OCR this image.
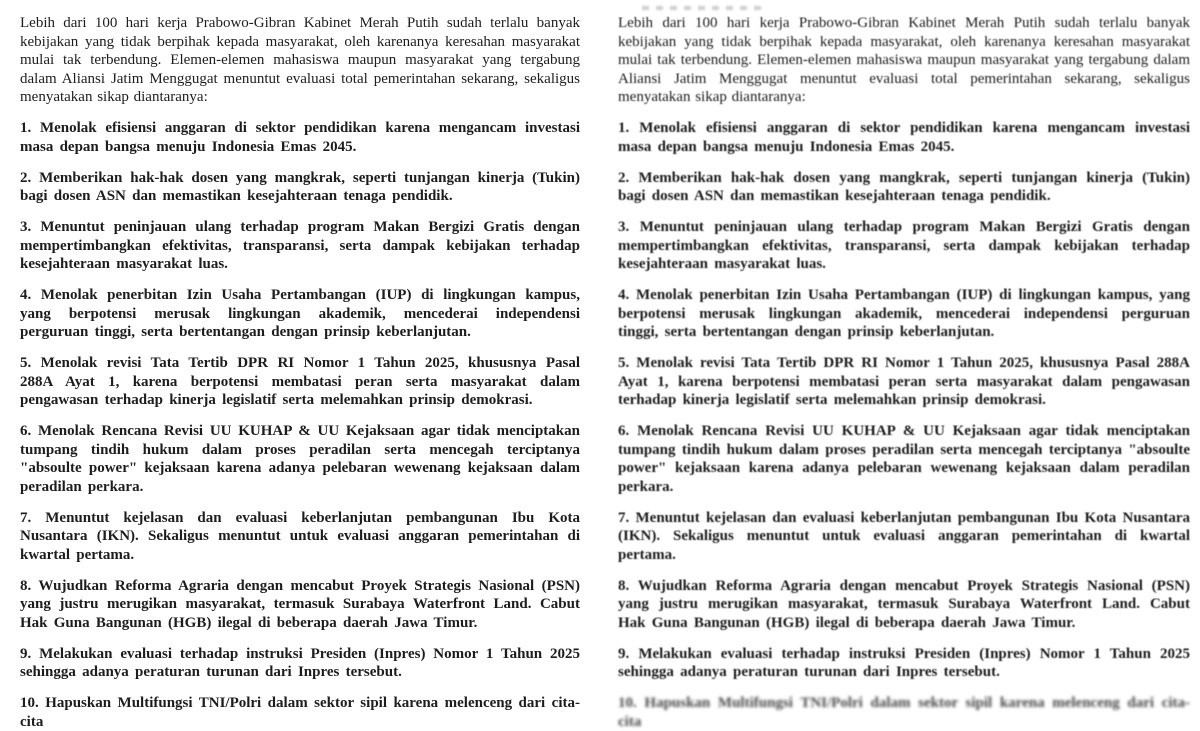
Lebih dari 100 hari kerja Prabowo-Gibran Kabinet Merah Putih sudah terlalu banyak kebijakan yang tidak berpihak kepada masyarakat, oleh karenanya keresahan masyarakat mulai tak terbendung. Elemen-elemen mahasiswa maupun masyarakat yang tergabung dalam Aliansi Jatim Menggugat menuntut evaluasi total pemerintahan sekarang, sekaligus menyatakan sikap diantaranya:

1. Menolak efisiensi anggaran di sektor pendidikan karena mengancam investasi masa depan bangsa menuju Indonesia Emas 2045.

2. Memberikan hak-hak dosen yang mangkrak, seperti tunjangan kinerja (Tukin) bagi dosen ASN dan memastikan kesejahteraan tenaga pendidik.

3. Menuntut peninjauan ulang terhadap program Makan Bergizi Gratis dengan mempertimbangkan efektivitas, transparansi, serta dampak kebijakan terhadap kesejahteraan masyarakat luas.

4. Menolak penerbitan Izin Usaha Pertambangan (IUP) di lingkungan kampus, yang berpotensi merusak lingkungan akademik, mencederai independensi perguruan tinggi, serta bertentangan dengan prinsip keberlanjutan.

5. Menolak revisi Tata Tertib DPR RI Nomor 1 Tahun 2025, khususnya Pasal 288A Ayat 1, karena berpotensi membatasi peran serta masyarakat dalam pengawasan terhadap kinerja legislatif serta melemahkan prinsip demokrasi.

6. Menolak Rencana Revisi UU KUHAP & UU Kejaksaan agar tidak menciptakan tumpang tindih hukum dalam proses peradilan serta mencegah terciptanya "absoulte power" kejaksaan karena adanya pelebaran wewenang kejaksaan dalam peradilan perkara.

7. Menuntut kejelasan dan evaluasi keberlanjutan pembangunan Ibu Kota Nusantara (IKN). Sekaligus menuntut untuk evaluasi anggaran pemerintahan di kwartal pertama.

8. Wujudkan Reforma Agraria dengan mencabut Proyek Strategis Nasional (PSN) yang justru merugikan masyarakat, termasuk Surabaya Waterfront Land. Cabut Hak Guna Bangunan (HGB) ilegal di beberapa daerah Jawa Timur.

9. Melakukan evaluasi terhadap instruksi Presiden (Inpres) Nomor 1 Tahun 2025 sehingga adanya peraturan turunan dari Inpres tersebut.

10. Hapuskan Multifungsi TNI/Polri dalam sektor sipil karena melenceng dari cita-cita

Lebih dari 100 hari kerja Prabowo-Gibran Kabinet Merah Putih sudah terlalu banyak kebijakan yang tidak berpihak kepada masyarakat, oleh karenanya keresahan masyarakat mulai tak terbendung. Elemen-elemen mahasiswa maupun masyarakat yang tergabung dalam Aliansi Jatim Menggugat menuntut evaluasi total pemerintahan sekarang, sekaligus menyatakan sikap diantaranya:

1. Menolak efisiensi anggaran di sektor pendidikan karena mengancam investasi masa depan bangsa menuju Indonesia Emas 2045.

2. Memberikan hak-hak dosen yang mangkrak, seperti tunjangan kinerja (Tukin) bagi dosen ASN dan memastikan kesejahteraan tenaga pendidik.

3. Menuntut peninjauan ulang terhadap program Makan Bergizi Gratis dengan mempertimbangkan efektivitas, transparansi, serta dampak kebijakan terhadap kesejahteraan masyarakat luas.

4. Menolak penerbitan Izin Usaha Pertambangan (IUP) di lingkungan kampus, yang berpotensi merusak lingkungan akademik, mencederai independensi perguruan tinggi, serta bertentangan dengan prinsip keberlanjutan.

5. Menolak revisi Tata Tertib DPR RI Nomor 1 Tahun 2025, khususnya Pasal 288A Ayat 1, karena berpotensi membatasi peran serta masyarakat dalam pengawasan terhadap kinerja legislatif serta melemahkan prinsip demokrasi.

6. Menolak Rencana Revisi UU KUHAP & UU Kejaksaan agar tidak menciptakan tumpang tindih hukum dalam proses peradilan serta mencegah terciptanya "absoulte power" kejaksaan karena adanya pelebaran wewenang kejaksaan dalam peradilan perkara.

7. Menuntut kejelasan dan evaluasi keberlanjutan pembangunan Ibu Kota Nusantara (IKN). Sekaligus menuntut untuk evaluasi anggaran pemerintahan di kwartal pertama.

8. Wujudkan Reforma Agraria dengan mencabut Proyek Strategis Nasional (PSN) yang justru merugikan masyarakat, termasuk Surabaya Waterfront Land. Cabut Hak Guna Bangunan (HGB) ilegal di beberapa daerah Jawa Timur.

9. Melakukan evaluasi terhadap instruksi Presiden (Inpres) Nomor 1 Tahun 2025 sehingga adanya peraturan turunan dari Inpres tersebut.

10. Hapuskan Multifungsi TNI/Polri dalam sektor sipil karena melenceng dari cita-cita
